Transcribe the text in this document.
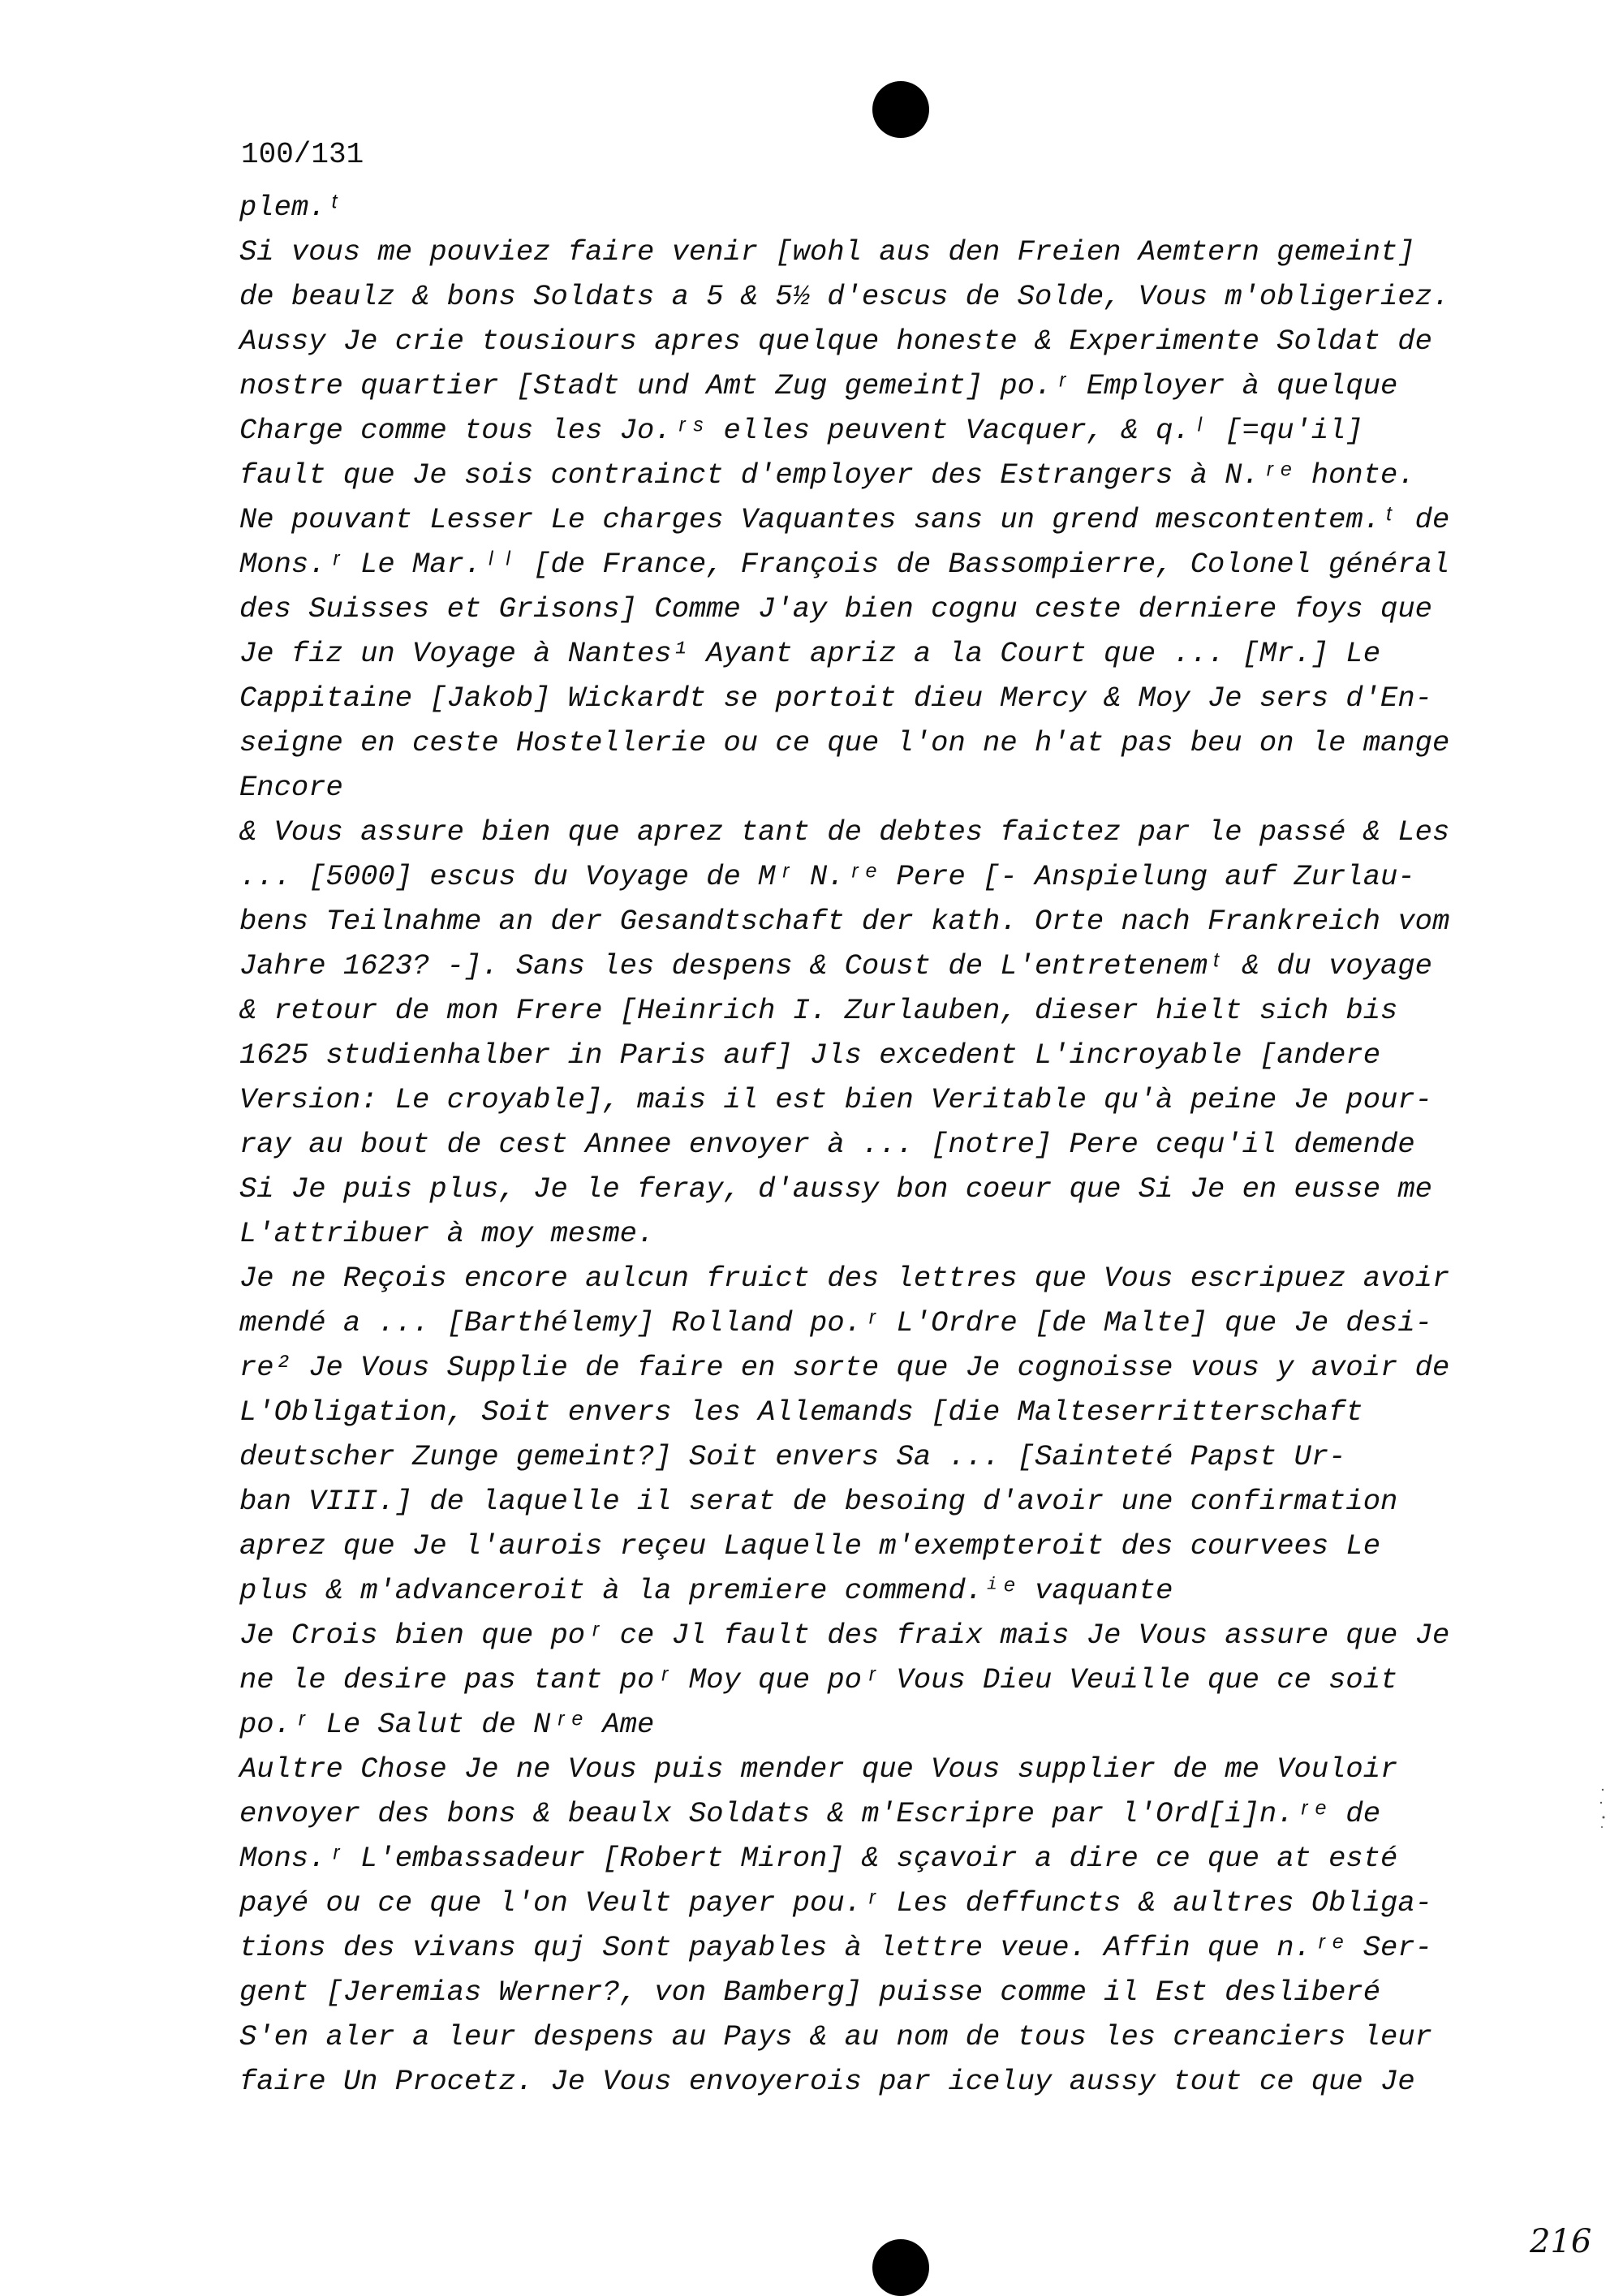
100/131
plem.ᵗ
Si vous me pouviez faire venir [wohl aus den Freien Aemtern gemeint]
de beaulz & bons Soldats a 5 & 5½ d'escus de Solde, Vous m'obligeriez.
Aussy Je crie tousiours apres quelque honeste & Experimente Soldat de
nostre quartier [Stadt und Amt Zug gemeint] po.ʳ Employer à quelque
Charge comme tous les Jo.ʳˢ elles peuvent Vacquer, & q.ˡ [=qu'il]
fault que Je sois contrainct d'employer des Estrangers à N.ʳᵉ honte.
Ne pouvant Lesser Le charges Vaquantes sans un grend mescontentem.ᵗ de
Mons.ʳ Le Mar.ˡˡ [de France, François de Bassompierre, Colonel général
des Suisses et Grisons] Comme J'ay bien cognu ceste derniere foys que
Je fiz un Voyage à Nantes¹ Ayant apriz a la Court que ... [Mr.] Le
Cappitaine [Jakob] Wickardt se portoit dieu Mercy & Moy Je sers d'En-
seigne en ceste Hostellerie ou ce que l'on ne h'at pas beu on le mange
Encore
& Vous assure bien que aprez tant de debtes faictez par le passé & Les
... [5000] escus du Voyage de Mʳ N.ʳᵉ Pere [- Anspielung auf Zurlau-
bens Teilnahme an der Gesandtschaft der kath. Orte nach Frankreich vom
Jahre 1623? -]. Sans les despens & Coust de L'entretenemᵗ & du voyage
& retour de mon Frere [Heinrich I. Zurlauben, dieser hielt sich bis
1625 studienhalber in Paris auf] Jls excedent L'incroyable [andere
Version: Le croyable], mais il est bien Veritable qu'à peine Je pour-
ray au bout de cest Annee envoyer à ... [notre] Pere cequ'il demende
Si Je puis plus, Je le feray, d'aussy bon coeur que Si Je en eusse me
L'attribuer à moy mesme.
Je ne Reçois encore aulcun fruict des lettres que Vous escripuez avoir
mendé a ... [Barthélemy] Rolland po.ʳ L'Ordre [de Malte] que Je desi-
re² Je Vous Supplie de faire en sorte que Je cognoisse vous y avoir de
L'Obligation, Soit envers les Allemands [die Malteserritterschaft
deutscher Zunge gemeint?] Soit envers Sa ... [Sainteté Papst Ur-
ban VIII.] de laquelle il serat de besoing d'avoir une confirmation
aprez que Je l'aurois reçeu Laquelle m'exempteroit des courvees Le
plus & m'advanceroit à la premiere commend.ⁱᵉ vaquante
Je Crois bien que poʳ ce Jl fault des fraix mais Je Vous assure que Je
ne le desire pas tant poʳ Moy que poʳ Vous Dieu Veuille que ce soit
po.ʳ Le Salut de Nʳᵉ Ame
Aultre Chose Je ne Vous puis mender que Vous supplier de me Vouloir
envoyer des bons & beaulx Soldats & m'Escripre par l'Ord[i]n.ʳᵉ de
Mons.ʳ L'embassadeur [Robert Miron] & sçavoir a dire ce que at esté
payé ou ce que l'on Veult payer pou.ʳ Les deffuncts & aultres Obliga-
tions des vivans quj Sont payables à lettre veue. Affin que n.ʳᵉ Ser-
gent [Jeremias Werner?, von Bamberg] puisse comme il Est desliberé
S'en aler a leur despens au Pays & au nom de tous les creanciers leur
faire Un Procetz. Je Vous envoyerois par iceluy aussy tout ce que Je
216
